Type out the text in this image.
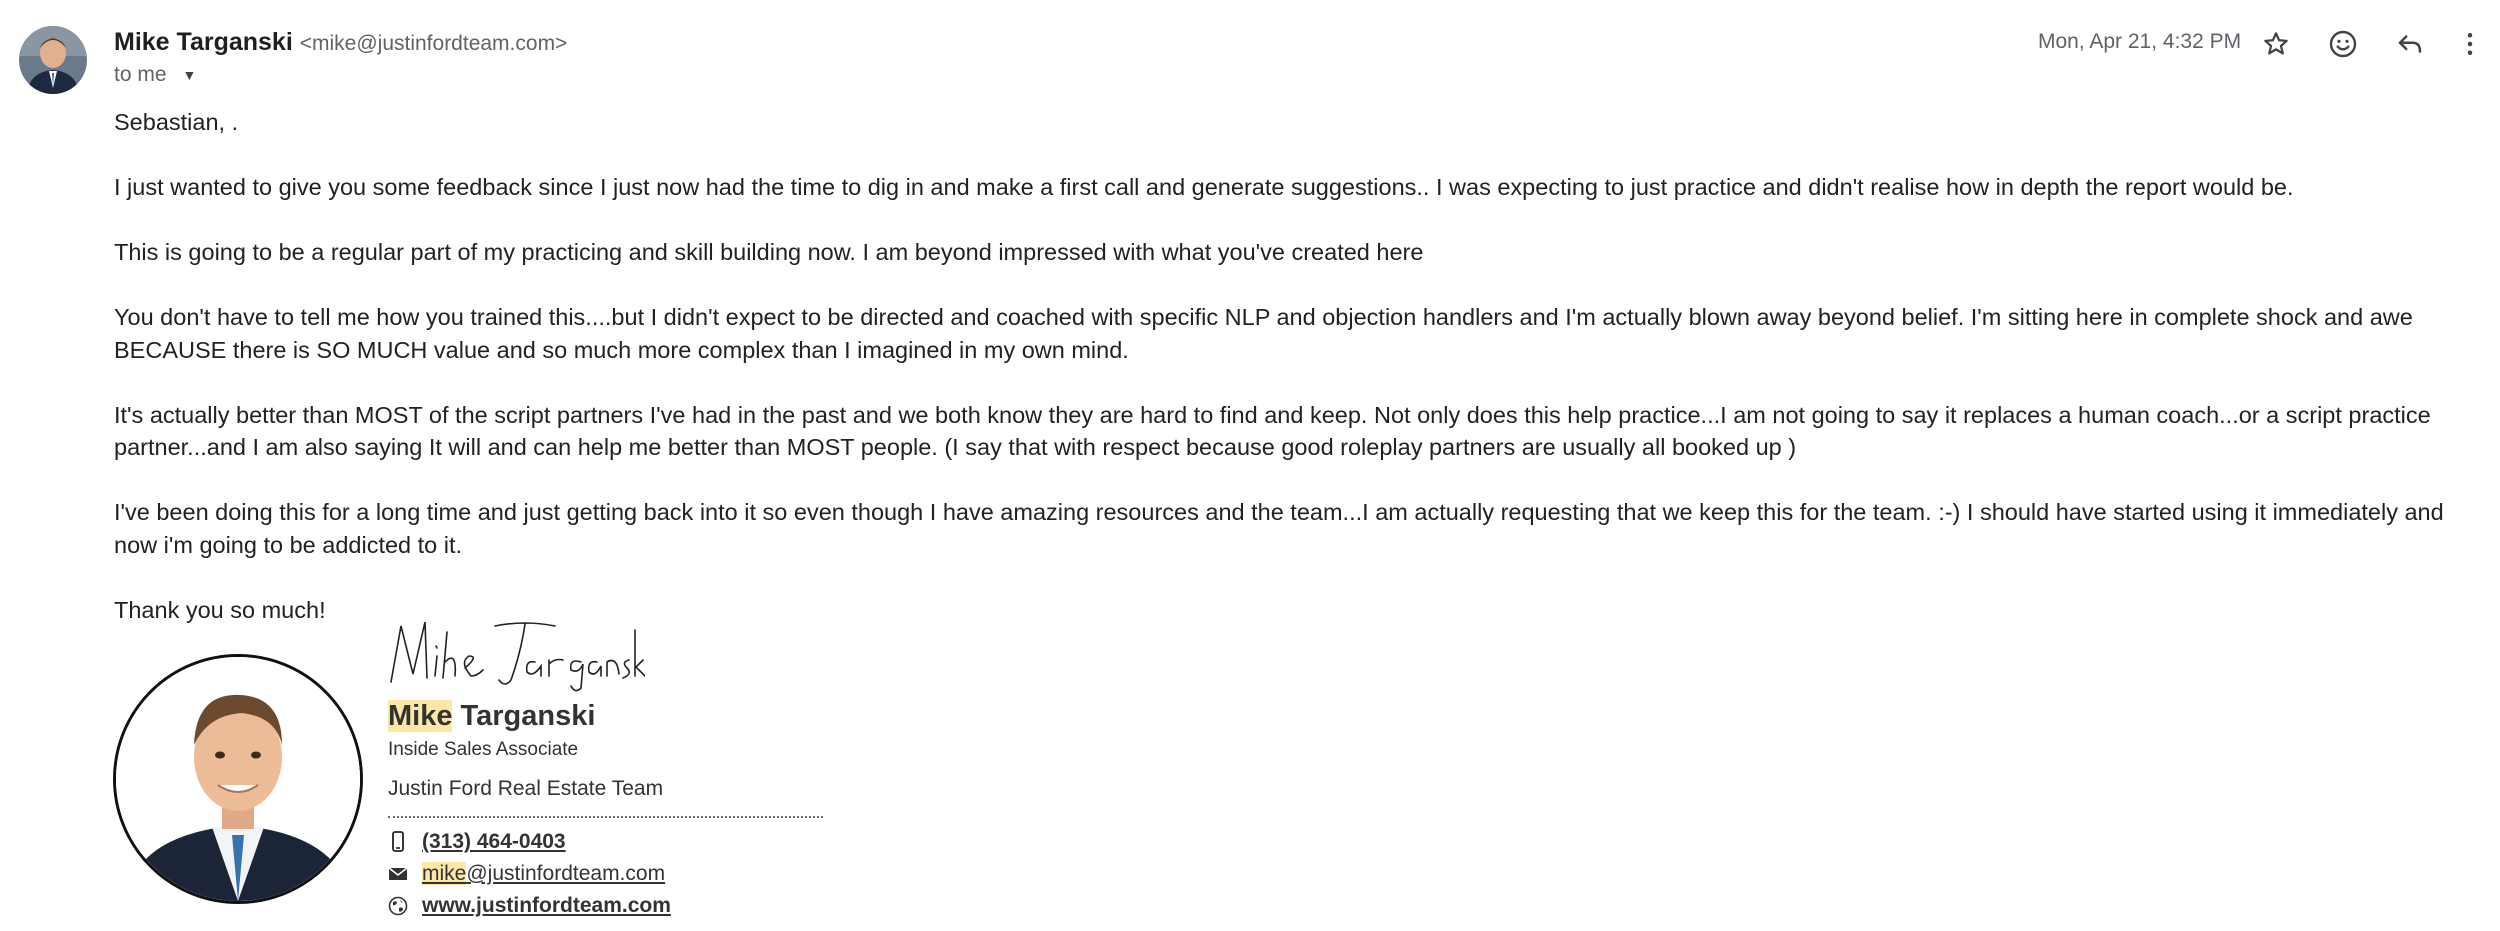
Mike Targanski <mike@justinfordteam.com>
to me ▼
Mon, Apr 21, 4:32 PM

Sebastian, .

I just wanted to give you some feedback since I just now had the time to dig in and make a first call and generate suggestions.. I was expecting to just practice and didn't realise how in depth the report would be.

This is going to be a regular part of my practicing and skill building now. I am beyond impressed with what you've created here

You don't have to tell me how you trained this....but I didn't expect to be directed and coached with specific NLP and objection handlers and I'm actually blown away beyond belief. I'm sitting here in complete shock and awe BECAUSE there is SO MUCH value and so much more complex than I imagined in my own mind.

It's actually better than MOST of the script partners I've had in the past and we both know they are hard to find and keep. Not only does this help practice...I am not going to say it replaces a human coach...or a script practice partner...and I am also saying It will and can help me better than MOST people. (I say that with respect because good roleplay partners are usually all booked up )

I've been doing this for a long time and just getting back into it so even though I have amazing resources and the team...I am actually requesting that we keep this for the team. :-) I should have started using it immediately and now i'm going to be addicted to it.

Thank you so much!

Mike Targanski
Inside Sales Associate
Justin Ford Real Estate Team
(313) 464-0403
mike@justinfordteam.com
www.justinfordteam.com
